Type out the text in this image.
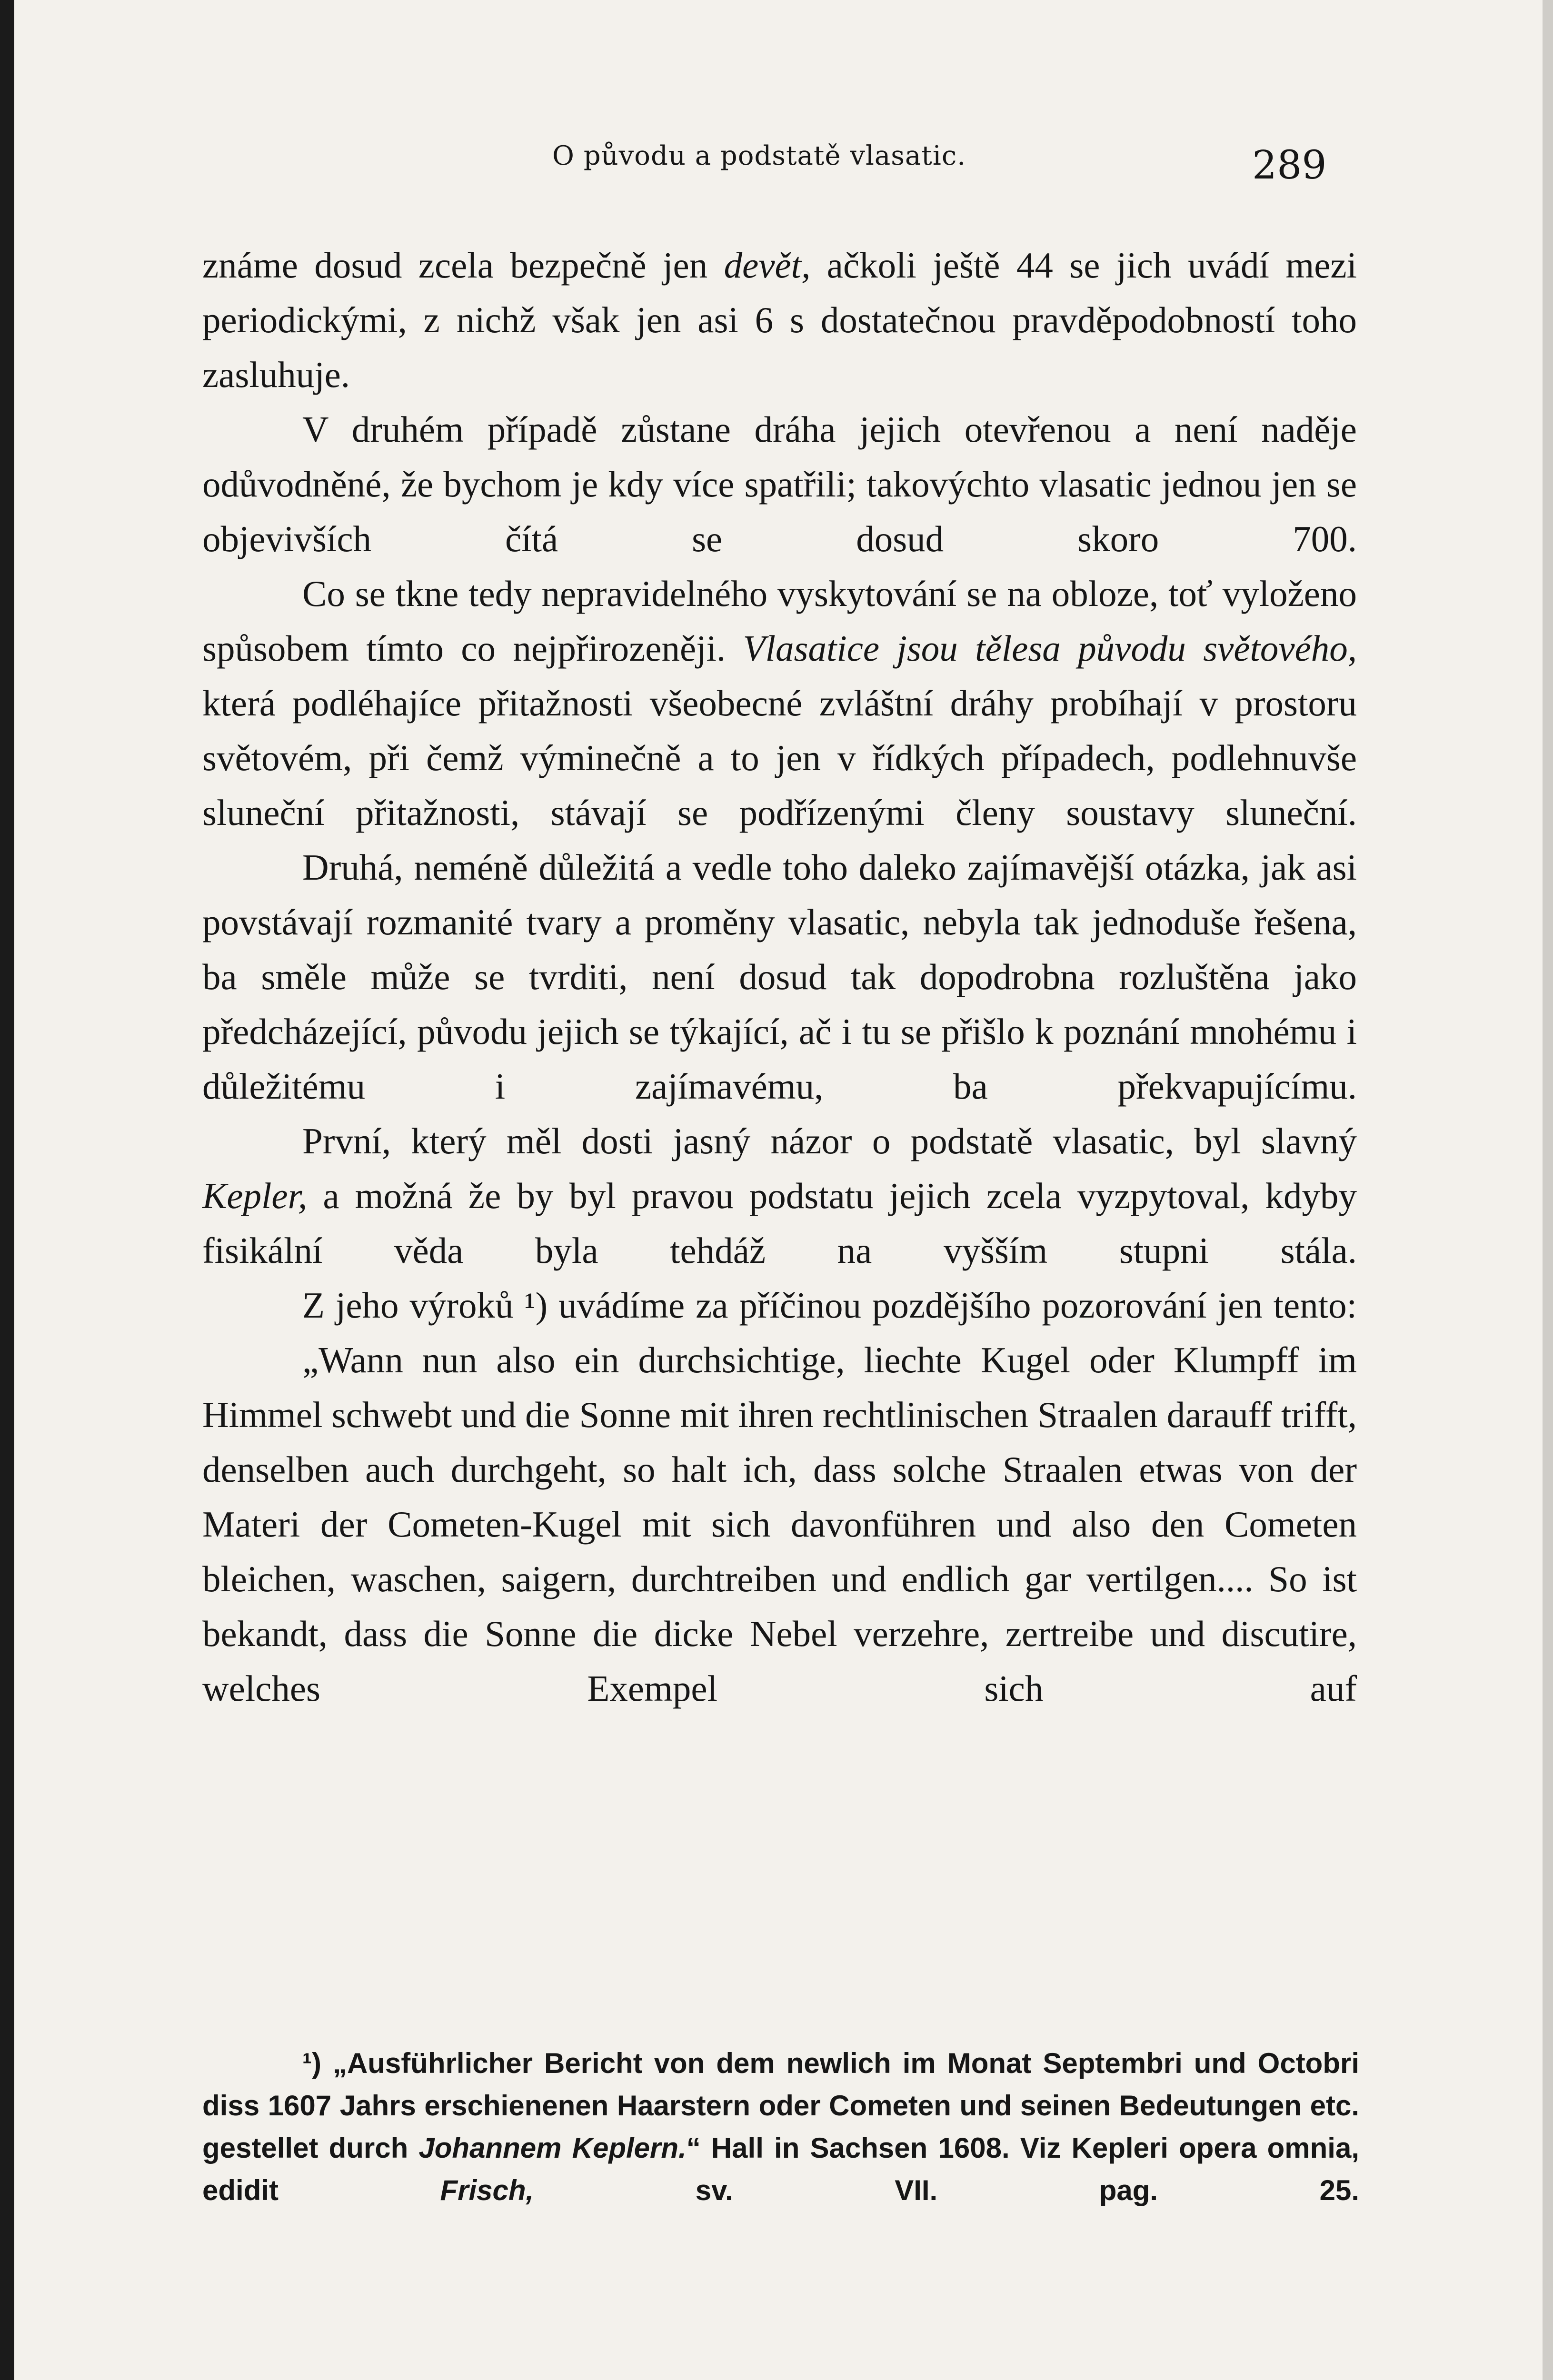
O původu a podstatě vlasatic.	289

známe dosud zcela bezpečně jen devět, ačkoli ještě 44 se jich uvádí mezi periodickými, z nichž však jen asi 6 s dostatečnou pravděpodobností toho zasluhuje.

V druhém případě zůstane dráha jejich otevřenou a není naděje odůvodněné, že bychom je kdy více spatřili; takovýchto vlasatic jednou jen se objevivších čítá se dosud skoro 700.

Co se tkne tedy nepravidelného vyskytování se na obloze, toť vyloženo spůsobem tímto co nejpřirozeněji. Vlasatice jsou tělesa původu světového, která podléhajíce přitažnosti všeobecné zvláštní dráhy probíhají v prostoru světovém, při čemž výminečně a to jen v řídkých případech, podlehnuvše sluneční přitažnosti, stávají se podřízenými členy soustavy sluneční.

Druhá, neméně důležitá a vedle toho daleko zajímavější otázka, jak asi povstávají rozmanité tvary a proměny vlasatic, nebyla tak jednoduše řešena, ba směle může se tvrditi, není dosud tak dopodrobna rozluštěna jako předcházející, původu jejich se týkající, ač i tu se přišlo k poznání mnohému i důležitému i zajímavému, ba překvapujícímu.

První, který měl dosti jasný názor o podstatě vlasatic, byl slavný Kepler, a možná že by byl pravou podstatu jejich zcela vyzpytoval, kdyby fisikální věda byla tehdáž na vyšším stupni stála.

Z jeho výroků ¹) uvádíme za příčinou pozdějšího pozorování jen tento:

„Wann nun also ein durchsichtige, liechte Kugel oder Klumpff im Himmel schwebt und die Sonne mit ihren rechtlinischen Straalen darauff trifft, denselben auch durchgeht, so halt ich, dass solche Straalen etwas von der Materi der Cometen-Kugel mit sich davonführen und also den Cometen bleichen, waschen, saigern, durchtreiben und endlich gar vertilgen.... So ist bekandt, dass die Sonne die dicke Nebel verzehre, zertreibe und discutire, welches Exempel sich auf

¹) „Ausführlicher Bericht von dem newlich im Monat Septembri und Octobri diss 1607 Jahrs erschienenen Haarstern oder Cometen und seinen Bedeutungen etc. gestellet durch Johannem Keplern.“ Hall in Sachsen 1608. Viz Kepleri opera omnia, edidit Frisch, sv. VII. pag. 25.
